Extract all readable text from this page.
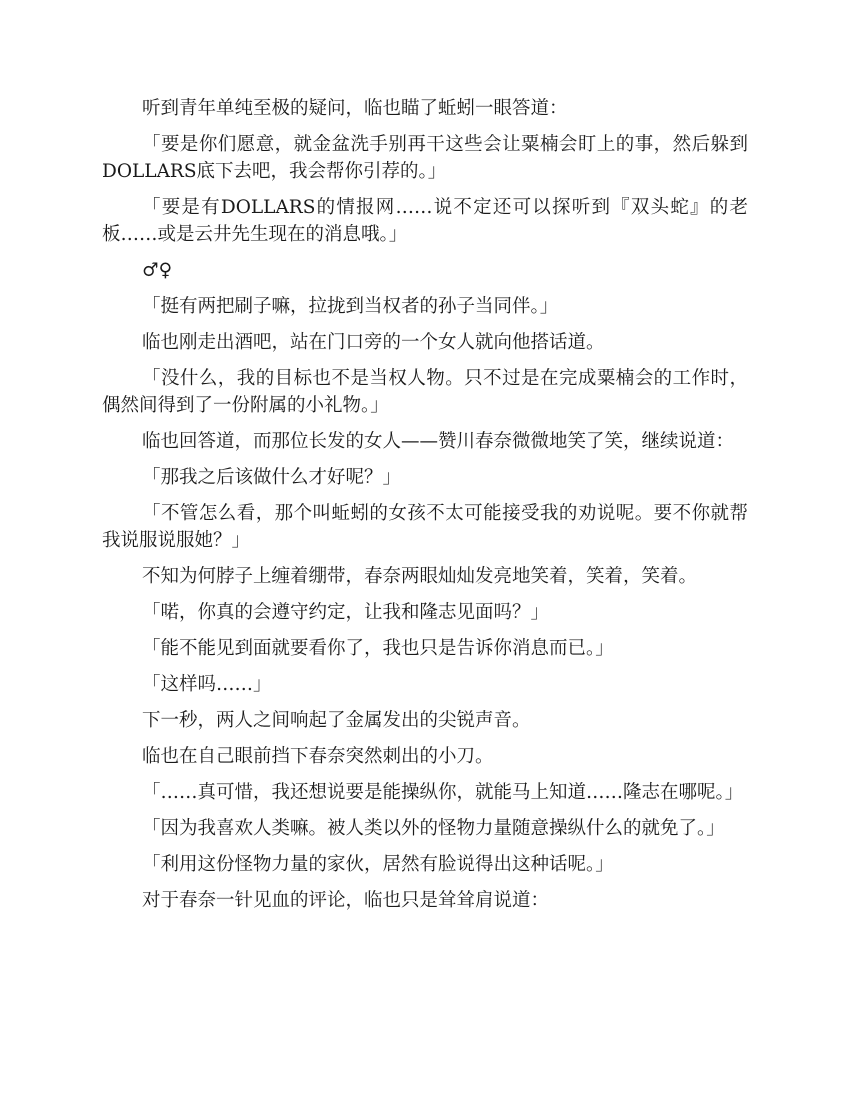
听到青年单纯至极的疑问，临也瞄了蚯蚓一眼答道：

「要是你们愿意，就金盆洗手别再干这些会让粟楠会盯上的事，然后躲到DOLLARS底下去吧，我会帮你引荐的。」

「要是有DOLLARS的情报网……说不定还可以探听到『双头蛇』的老板……或是云井先生现在的消息哦。」

♂♀

「挺有两把刷子嘛，拉拢到当权者的孙子当同伴。」

临也刚走出酒吧，站在门口旁的一个女人就向他搭话道。

「没什么，我的目标也不是当权人物。只不过是在完成粟楠会的工作时，偶然间得到了一份附属的小礼物。」

临也回答道，而那位长发的女人——赞川春奈微微地笑了笑，继续说道：

「那我之后该做什么才好呢？」

「不管怎么看，那个叫蚯蚓的女孩不太可能接受我的劝说呢。要不你就帮我说服说服她？」

不知为何脖子上缠着绷带，春奈两眼灿灿发亮地笑着，笑着，笑着。

「喏，你真的会遵守约定，让我和隆志见面吗？」

「能不能见到面就要看你了，我也只是告诉你消息而已。」

「这样吗……」

下一秒，两人之间响起了金属发出的尖锐声音。

临也在自己眼前挡下春奈突然刺出的小刀。

「……真可惜，我还想说要是能操纵你，就能马上知道……隆志在哪呢。」

「因为我喜欢人类嘛。被人类以外的怪物力量随意操纵什么的就免了。」

「利用这份怪物力量的家伙，居然有脸说得出这种话呢。」

对于春奈一针见血的评论，临也只是耸耸肩说道：
